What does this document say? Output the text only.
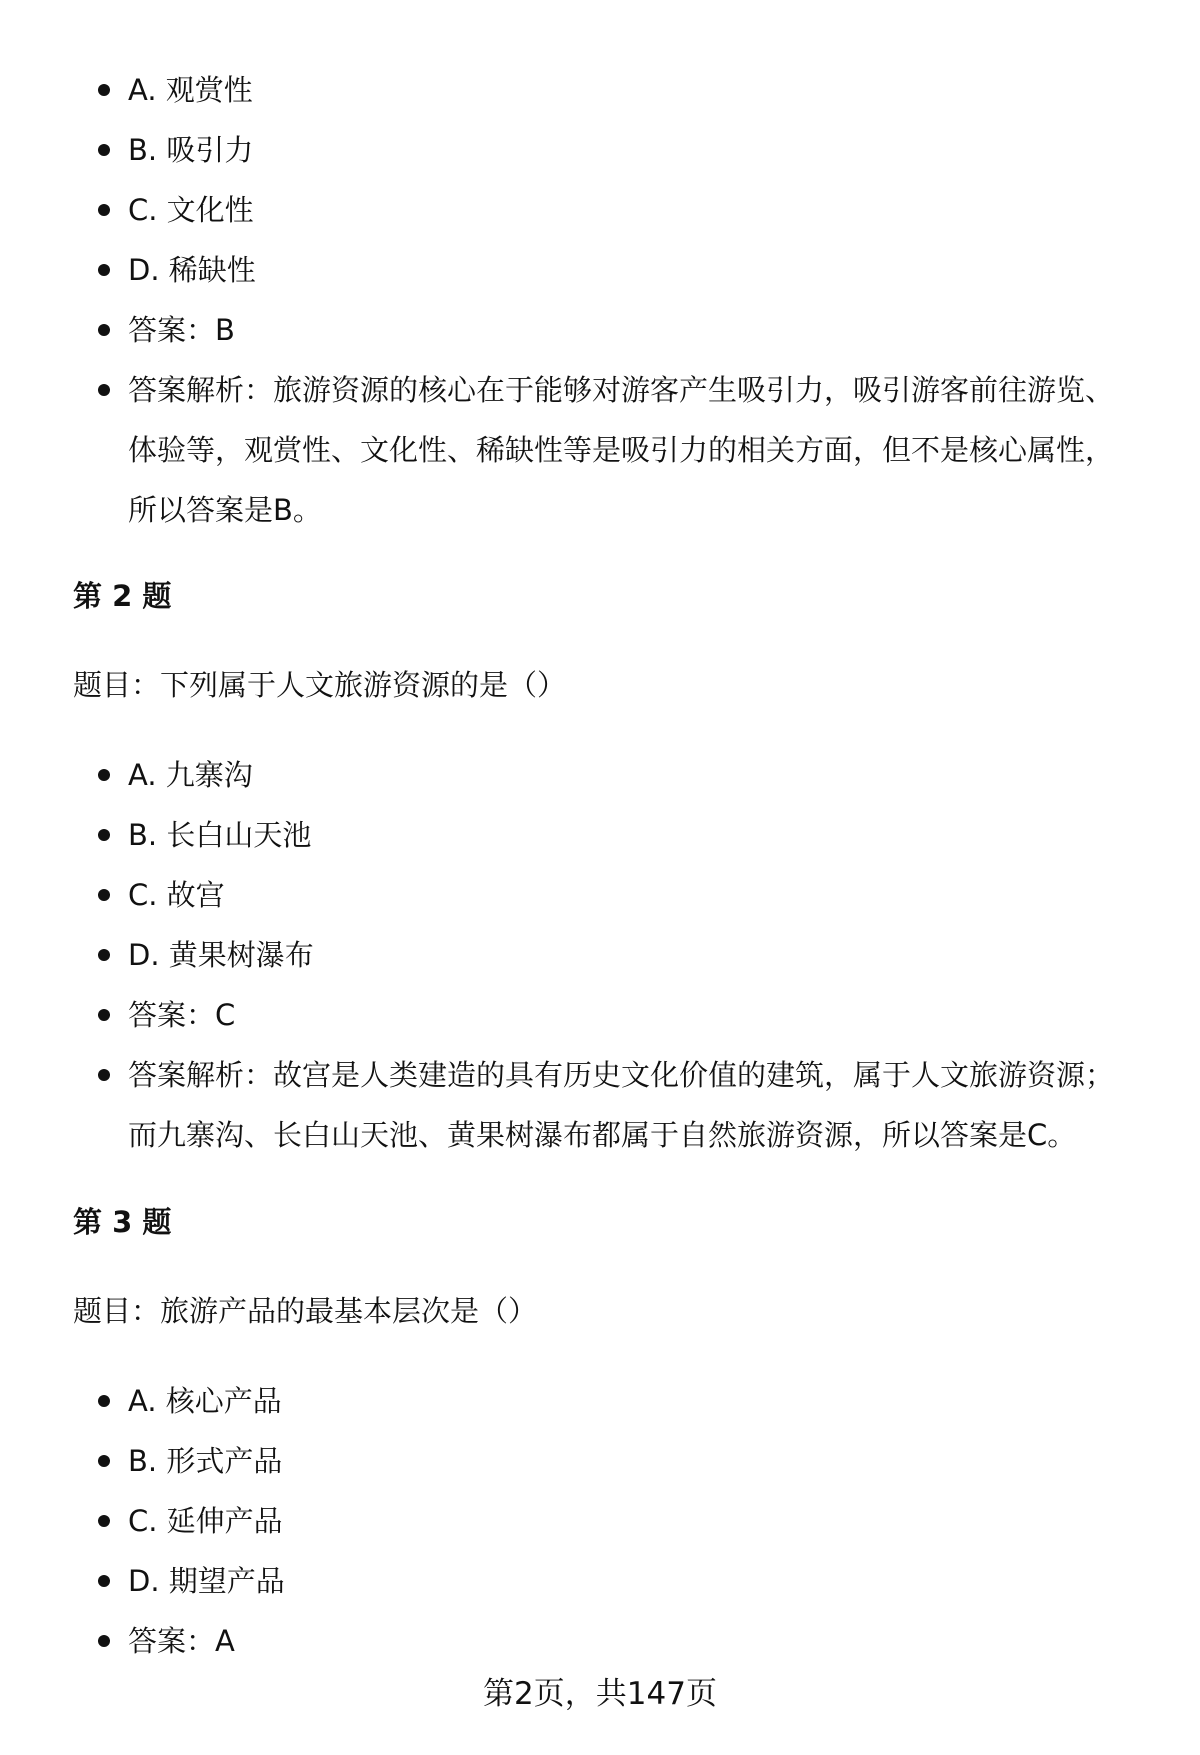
A. 观赏性
B. 吸引力
C. 文化性
D. 稀缺性
答案：B
答案解析：旅游资源的核心在于能够对游客产生吸引力，吸引游客前往游览、体验等，观赏性、文化性、稀缺性等是吸引力的相关方面，但不是核心属性，所以答案是B。
第 2 题
题目：下列属于人文旅游资源的是（）
A. 九寨沟
B. 长白山天池
C. 故宫
D. 黄果树瀑布
答案：C
答案解析：故宫是人类建造的具有历史文化价值的建筑，属于人文旅游资源；而九寨沟、长白山天池、黄果树瀑布都属于自然旅游资源，所以答案是C。
第 3 题
题目：旅游产品的最基本层次是（）
A. 核心产品
B. 形式产品
C. 延伸产品
D. 期望产品
答案：A
第2页，共147页
